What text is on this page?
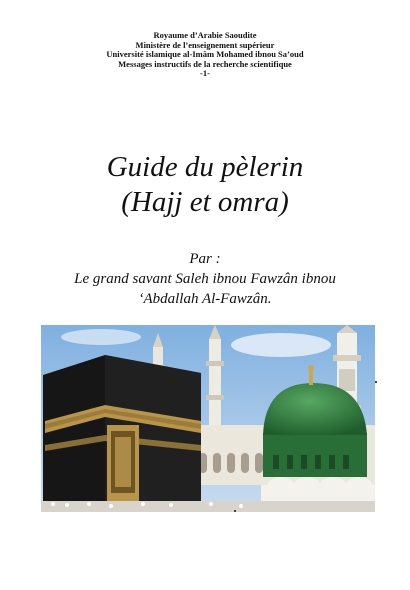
Royaume d’Arabie Saoudite
Ministère de l’enseignement supérieur
Université islamique al-Imâm Mohamed ibnou Sa’oud
Messages instructifs de la recherche scientifique
-1-
Guide du pèlerin
(Hajj et omra)
Par :
Le grand savant Saleh ibnou Fawzân ibnou
‘Abdallah Al-Fawzân.
